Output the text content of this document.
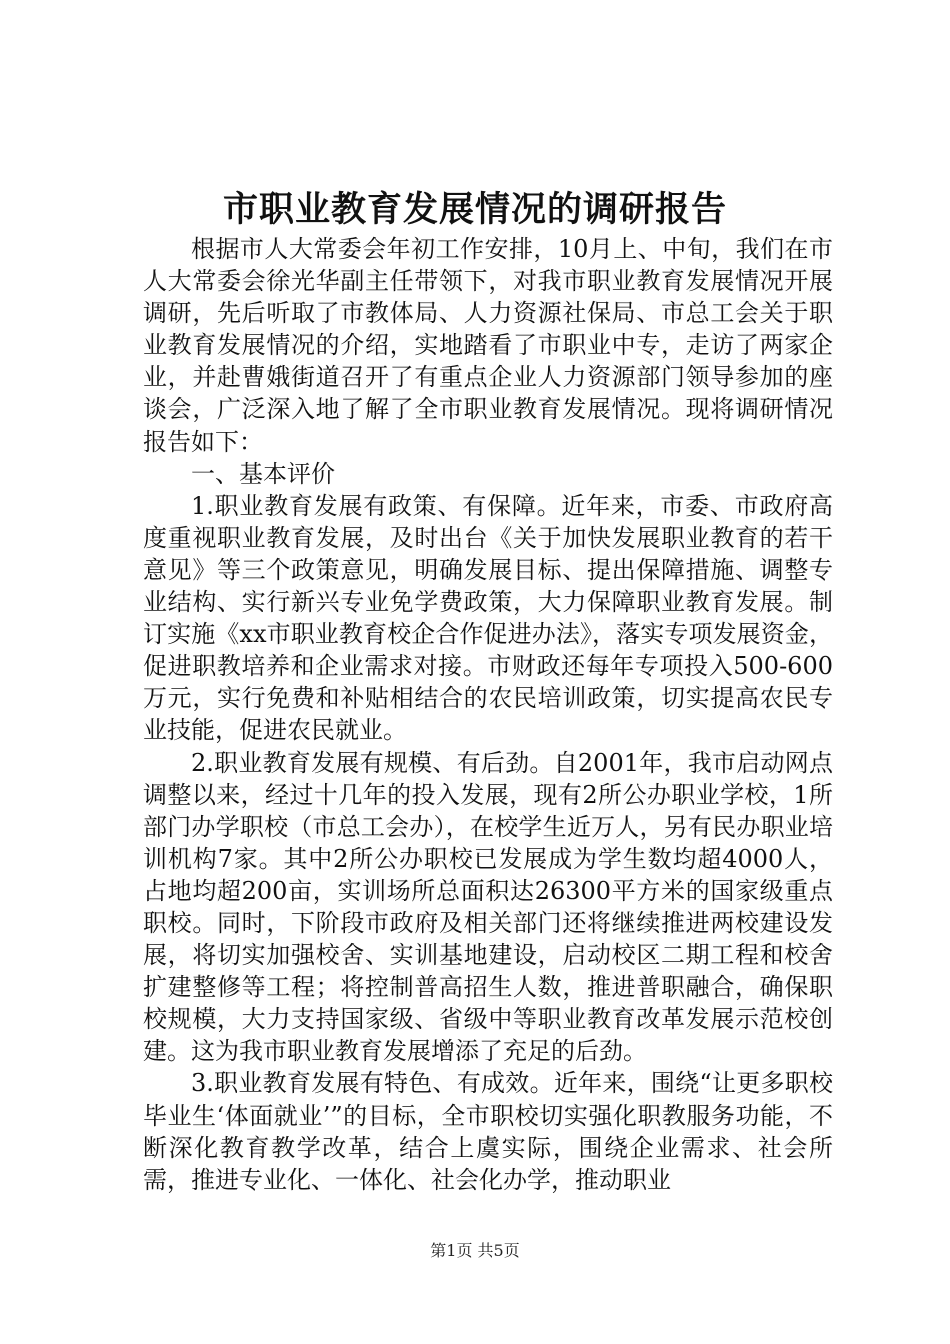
市职业教育发展情况的调研报告

根据市人大常委会年初工作安排，10月上、中旬，我们在市人大常委会徐光华副主任带领下，对我市职业教育发展情况开展调研，先后听取了市教体局、人力资源社保局、市总工会关于职业教育发展情况的介绍，实地踏看了市职业中专，走访了两家企业，并赴曹娥街道召开了有重点企业人力资源部门领导参加的座谈会，广泛深入地了解了全市职业教育发展情况。现将调研情况报告如下：

一、基本评价

1.职业教育发展有政策、有保障。近年来，市委、市政府高度重视职业教育发展，及时出台《关于加快发展职业教育的若干意见》等三个政策意见，明确发展目标、提出保障措施、调整专业结构、实行新兴专业免学费政策，大力保障职业教育发展。制订实施《xx市职业教育校企合作促进办法》，落实专项发展资金，促进职教培养和企业需求对接。市财政还每年专项投入500-600万元，实行免费和补贴相结合的农民培训政策，切实提高农民专业技能，促进农民就业。

2.职业教育发展有规模、有后劲。自2001年，我市启动网点调整以来，经过十几年的投入发展，现有2所公办职业学校，1所部门办学职校（市总工会办），在校学生近万人，另有民办职业培训机构7家。其中2所公办职校已发展成为学生数均超4000人，占地均超200亩，实训场所总面积达26300平方米的国家级重点职校。同时，下阶段市政府及相关部门还将继续推进两校建设发展，将切实加强校舍、实训基地建设，启动校区二期工程和校舍扩建整修等工程；将控制普高招生人数，推进普职融合，确保职校规模，大力支持国家级、省级中等职业教育改革发展示范校创建。这为我市职业教育发展增添了充足的后劲。

3.职业教育发展有特色、有成效。近年来，围绕“让更多职校毕业生‘体面就业’”的目标，全市职校切实强化职教服务功能，不断深化教育教学改革，结合上虞实际，围绕企业需求、社会所需，推进专业化、一体化、社会化办学，推动职业

第1页 共5页
